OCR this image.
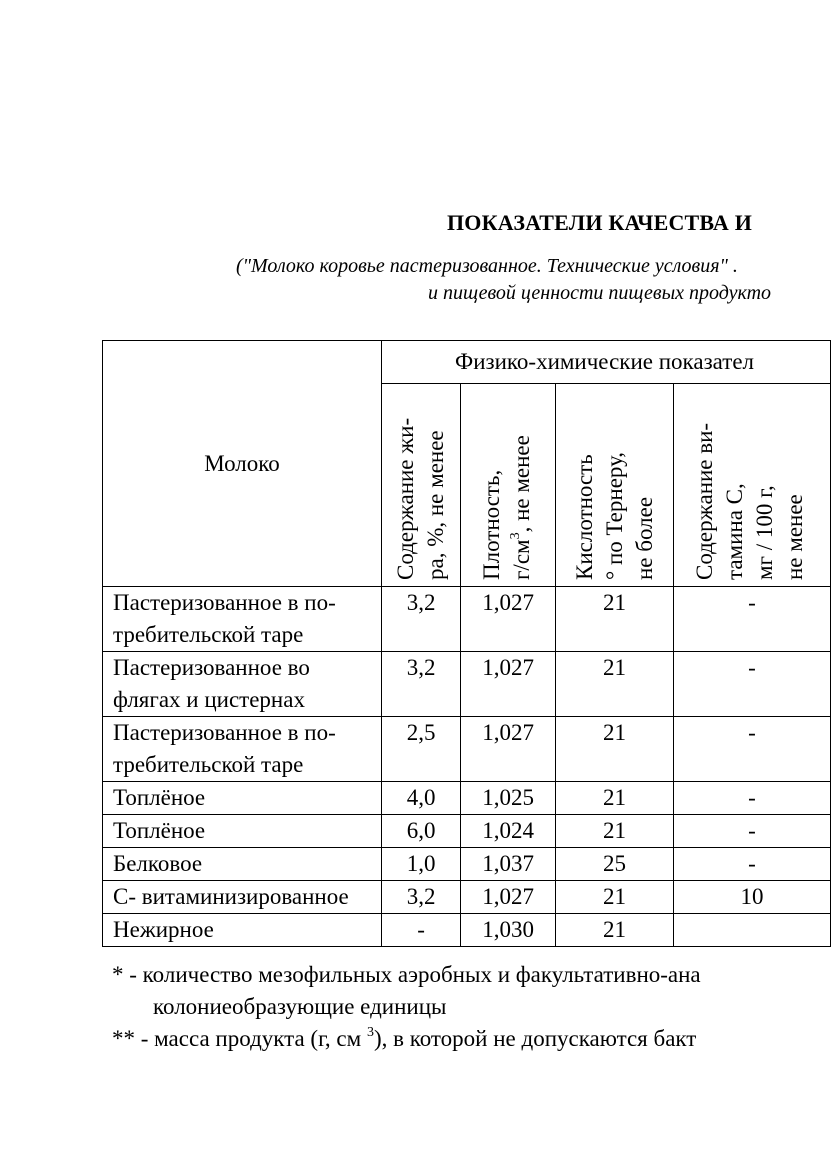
ПОКАЗАТЕЛИ КАЧЕСТВА И
("Молоко коровье пастеризованное. Технические условия" .
и пищевой ценности пищевых продукто
Молоко	Физико-химические показател			

	Содержание жи- ра, %, не менее	Плотность, $г/см^3$, не менее	Кислотность ° по Тернеру, не более	Содержание ви- тамина С, мг / 100 г, не менее

Пастеризованное в по-
требительской таре	3,2	1,027	21	-
Пастеризованное во
флягах и цистернах	3,2	1,027	21	-
Пастеризованное в по-
требительской таре	2,5	1,027	21	-
Топлёное	4,0	1,025	21	-
Топлёное	6,0	1,024	21	-
Белковое	1,0	1,037	25	-
С- витаминизированное	3,2	1,027	21	10
Нежирное	-	1,030	21	
* - количество мезофильных аэробных и факультативно-ана
колониеобразующие единицы
** - масса продукта (г, см $^3$), в которой не допускаются бакт
